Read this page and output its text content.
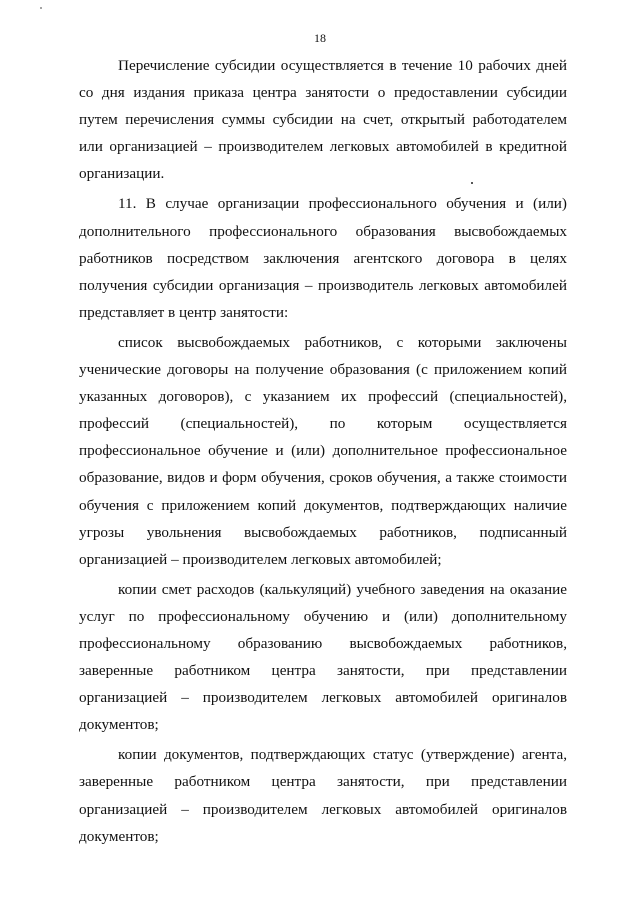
18

Перечисление субсидии осуществляется в течение 10 рабочих дней со дня издания приказа центра занятости о предоставлении субсидии путем перечисления суммы субсидии на счет, открытый работодателем или организацией – производителем легковых автомобилей в кредитной организации.

11. В случае организации профессионального обучения и (или) дополнительного профессионального образования высвобождаемых работников посредством заключения агентского договора в целях получения субсидии организация – производитель легковых автомобилей представляет в центр занятости:

список высвобождаемых работников, с которыми заключены ученические договоры на получение образования (с приложением копий указанных договоров), с указанием их профессий (специальностей), профессий (специальностей), по которым осуществляется профессиональное обучение и (или) дополнительное профессиональное образование, видов и форм обучения, сроков обучения, а также стоимости обучения с приложением копий документов, подтверждающих наличие угрозы увольнения высвобождаемых работников, подписанный организацией – производителем легковых автомобилей;

копии смет расходов (калькуляций) учебного заведения на оказание услуг по профессиональному обучению и (или) дополнительному профессиональному образованию высвобождаемых работников, заверенные работником центра занятости, при представлении организацией – производителем легковых автомобилей оригиналов документов;

копии документов, подтверждающих статус (утверждение) агента, заверенные работником центра занятости, при представлении организацией – производителем легковых автомобилей оригиналов документов;
